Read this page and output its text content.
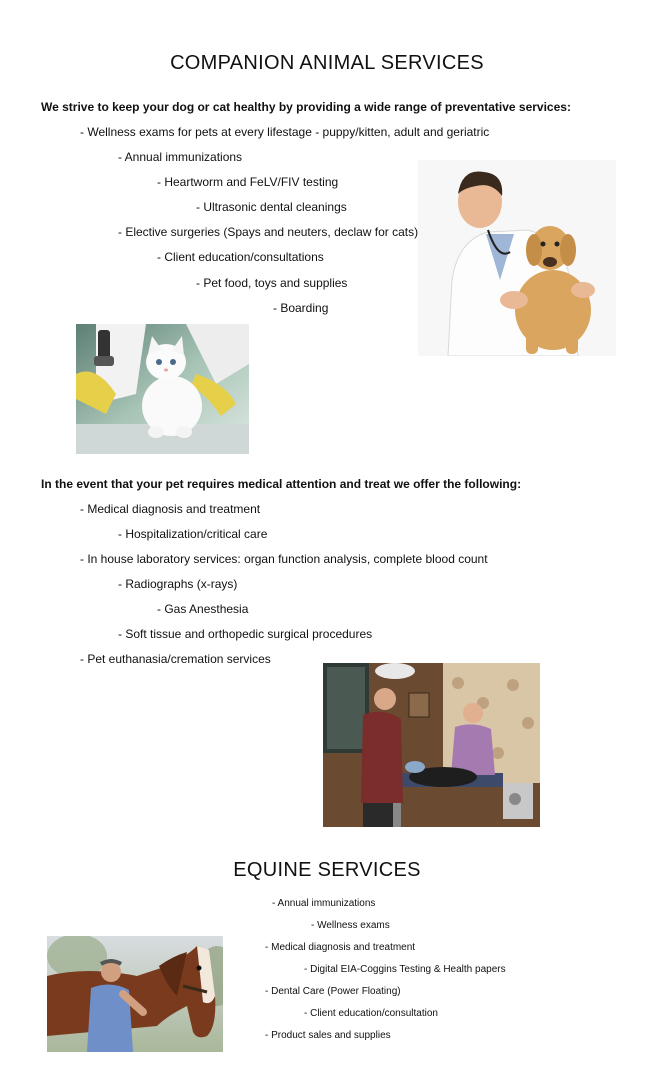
COMPANION ANIMAL SERVICES
We strive to keep your dog or cat healthy by providing a wide range of preventative services:
- Wellness exams for pets at every lifestage - puppy/kitten, adult and geriatric
- Annual immunizations
- Heartworm and FeLV/FIV testing
- Ultrasonic dental cleanings
- Elective surgeries (Spays and neuters, declaw for cats)
- Client education/consultations
- Pet food, toys and supplies
- Boarding
In the event that your pet requires medical attention and treat we offer the following:
- Medical diagnosis and treatment
- Hospitalization/critical care
- In house laboratory services: organ function analysis, complete blood count
- Radiographs (x-rays)
- Gas Anesthesia
- Soft tissue and orthopedic surgical procedures
- Pet euthanasia/cremation services
EQUINE SERVICES
- Annual immunizations
- Wellness exams
- Medical diagnosis and treatment
- Digital EIA-Coggins Testing & Health papers
- Dental Care (Power Floating)
- Client education/consultation
- Product sales and supplies
